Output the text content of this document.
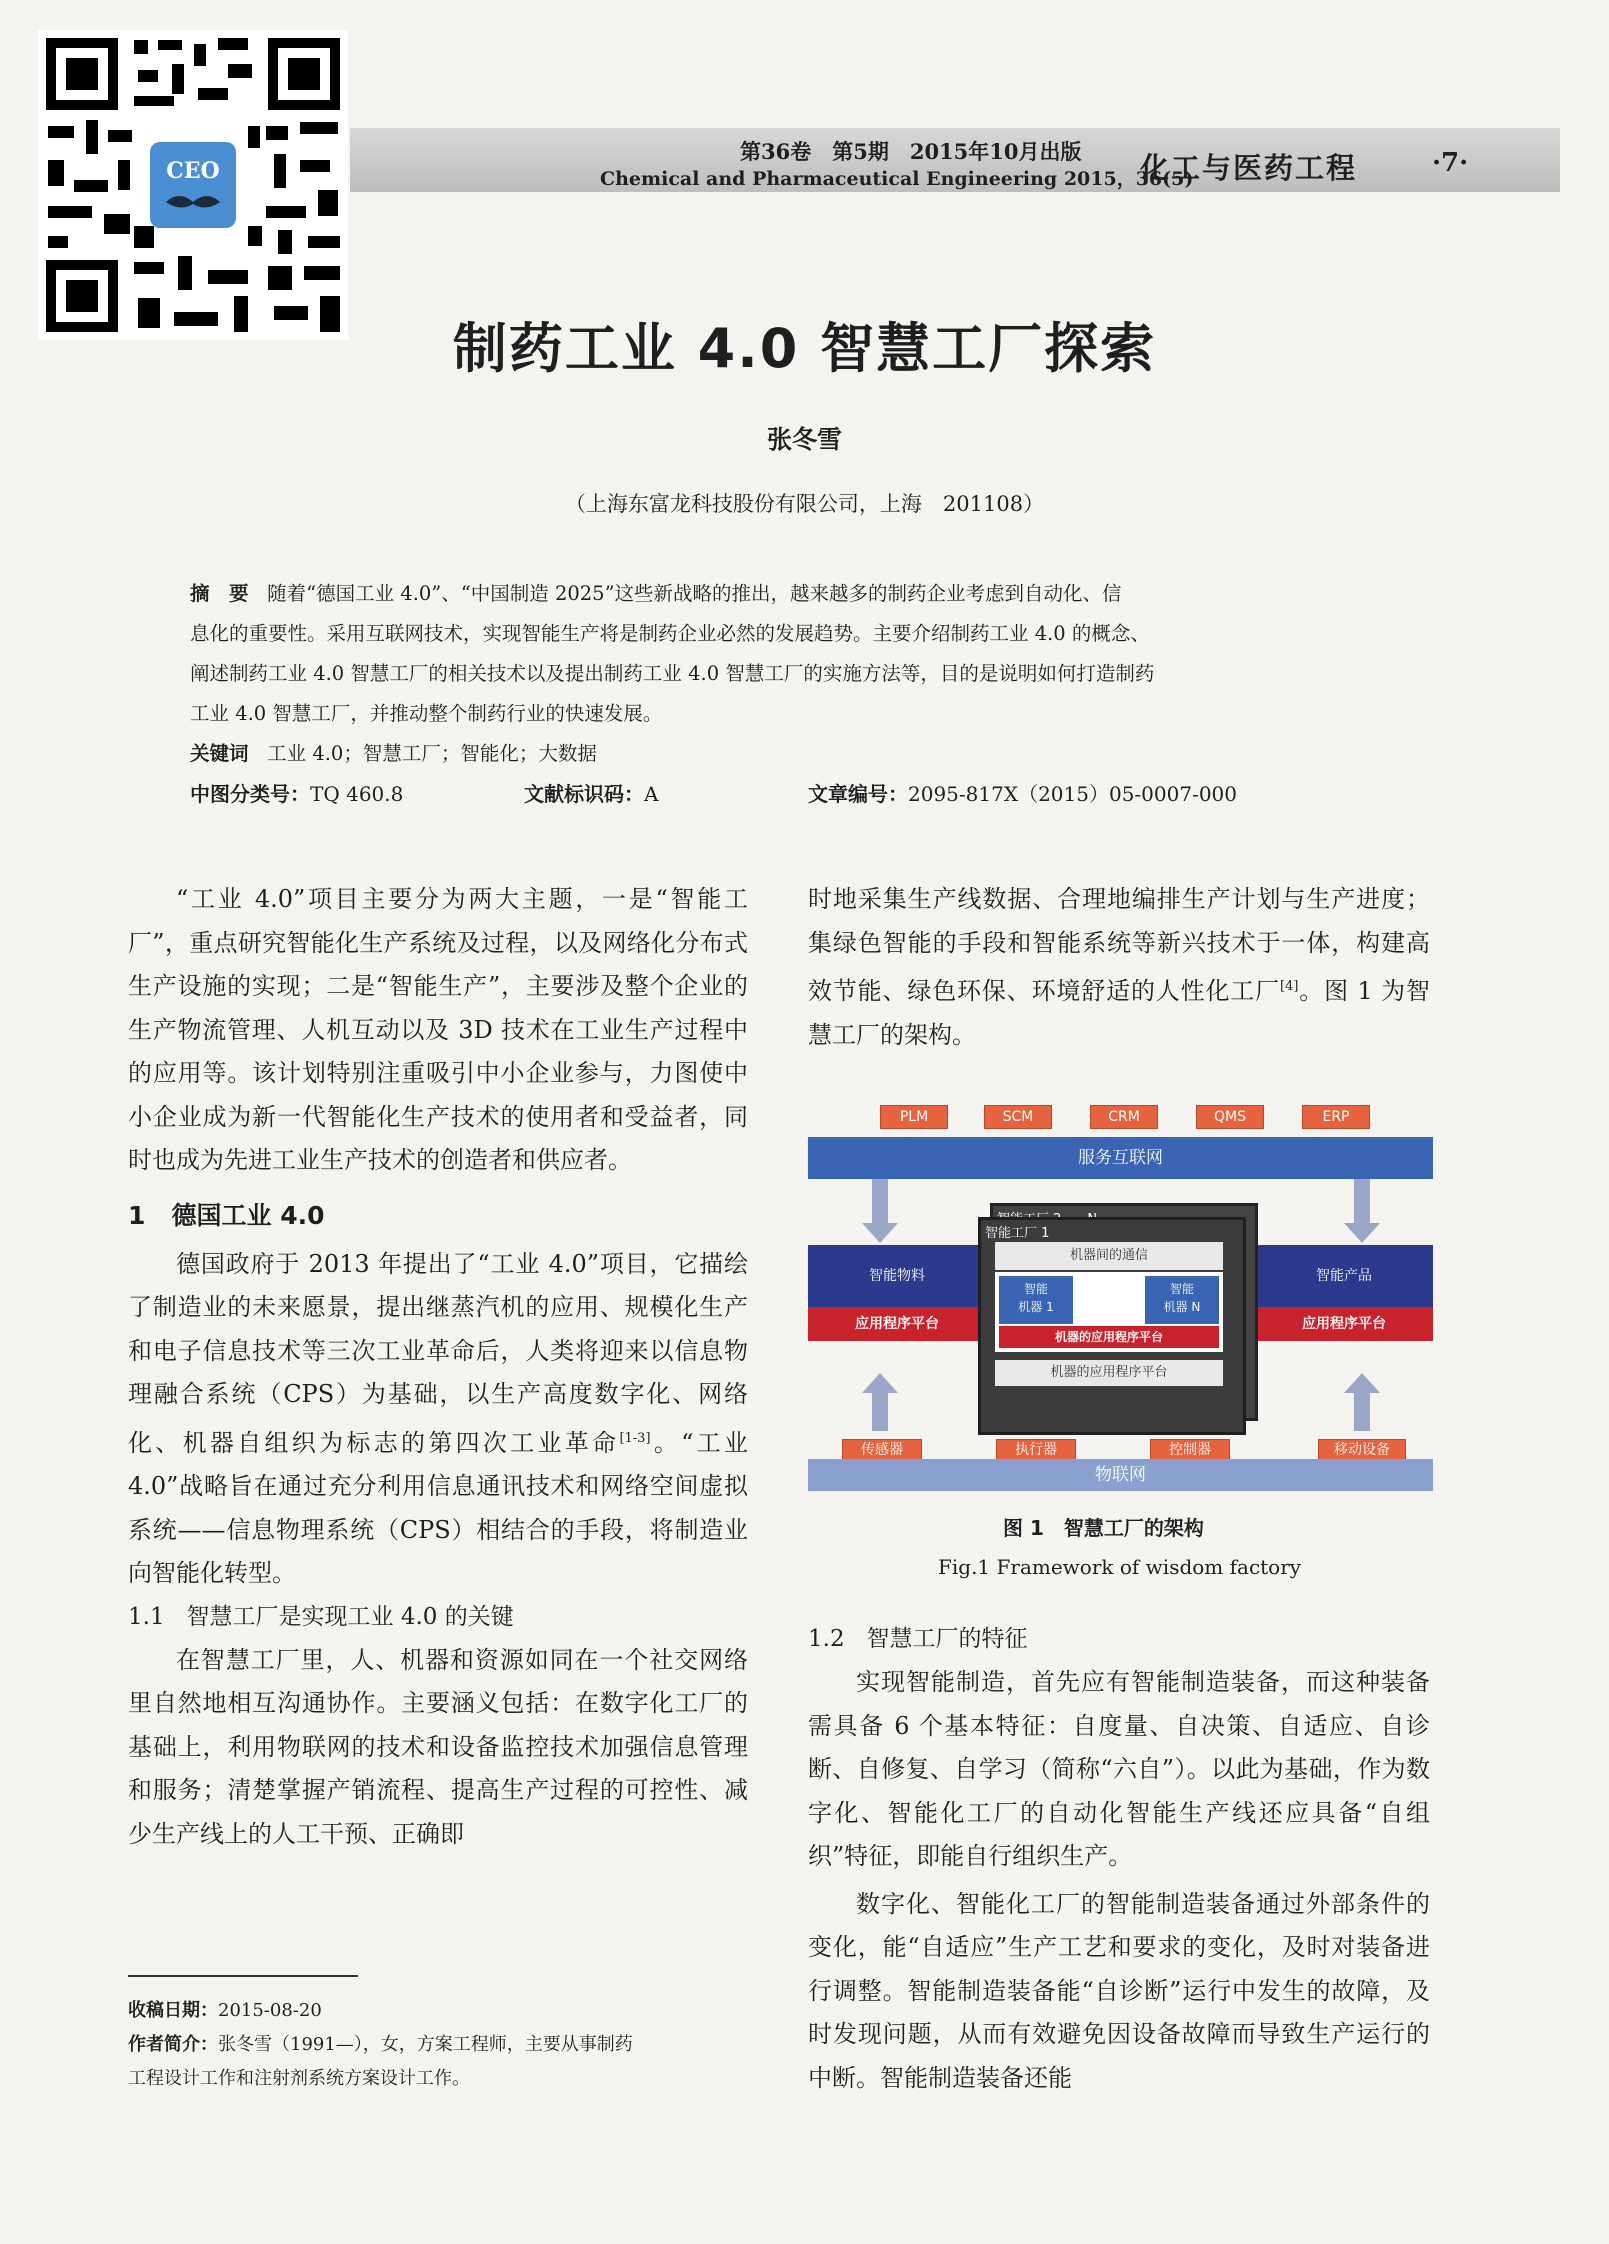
CEO
第36卷　第5期　2015年10月出版
Chemical and Pharmaceutical Engineering 2015，36(5)
化工与医药工程	·7·
制药工业 4.0 智慧工厂探索
张冬雪
（上海东富龙科技股份有限公司，上海　201108）
摘　要 随着“德国工业 4.0”、“中国制造 2025”这些新战略的推出，越来越多的制药企业考虑到自动化、信
息化的重要性。采用互联网技术，实现智能生产将是制药企业必然的发展趋势。主要介绍制药工业 4.0 的概念、
阐述制药工业 4.0 智慧工厂的相关技术以及提出制药工业 4.0 智慧工厂的实施方法等，目的是说明如何打造制药
工业 4.0 智慧工厂，并推动整个制药行业的快速发展。
关键词 工业 4.0；智慧工厂；智能化；大数据
中图分类号：TQ 460.8	文献标识码：A	文章编号：2095-817X（2015）05-0007-000

“工业 4.0”项目主要分为两大主题，一是“智能工厂”，重点研究智能化生产系统及过程，以及网络化分布式生产设施的实现；二是“智能生产”，主要涉及整个企业的生产物流管理、人机互动以及 3D 技术在工业生产过程中的应用等。该计划特别注重吸引中小企业参与，力图使中小企业成为新一代智能化生产技术的使用者和受益者，同时也成为先进工业生产技术的创造者和供应者。

1 德国工业 4.0

德国政府于 2013 年提出了“工业 4.0”项目，它描绘了制造业的未来愿景，提出继蒸汽机的应用、规模化生产和电子信息技术等三次工业革命后，人类将迎来以信息物理融合系统（CPS）为基础，以生产高度数字化、网络化、机器自组织为标志的第四次工业革命[1-3]。“工业 4.0”战略旨在通过充分利用信息通讯技术和网络空间虚拟系统——信息物理系统（CPS）相结合的手段，将制造业向智能化转型。

1.1 智慧工厂是实现工业 4.0 的关键

在智慧工厂里，人、机器和资源如同在一个社交网络里自然地相互沟通协作。主要涵义包括：在数字化工厂的基础上，利用物联网的技术和设备监控技术加强信息管理和服务；清楚掌握产销流程、提高生产过程的可控性、减少生产线上的人工干预、正确即

时地采集生产线数据、合理地编排生产计划与生产进度；集绿色智能的手段和智能系统等新兴技术于一体，构建高效节能、绿色环保、环境舒适的人性化工厂[4]。图 1 为智慧工厂的架构。

PLM	SCM	CRM	QMS	ERP
服务互联网
智能物料
应用程序平台
智能产品
应用程序平台
智能工厂 1
机器间的通信
智能
机器 1
智能
机器 N
机器的应用程序平台
机器的应用程序平台
传感器	执行器	控制器	移动设备
物联网
图 1　智慧工厂的架构
Fig.1 Framework of wisdom factory
1.2 智慧工厂的特征

实现智能制造，首先应有智能制造装备，而这种装备需具备 6 个基本特征：自度量、自决策、自适应、自诊断、自修复、自学习（简称“六自”）。以此为基础，作为数字化、智能化工厂的自动化智能生产线还应具备“自组织”特征，即能自行组织生产。

数字化、智能化工厂的智能制造装备通过外部条件的变化，能“自适应”生产工艺和要求的变化，及时对装备进行调整。智能制造装备能“自诊断”运行中发生的故障，及时发现问题，从而有效避免因设备故障而导致生产运行的中断。智能制造装备还能

收稿日期：2015-08-20
作者简介：张冬雪（1991—），女，方案工程师，主要从事制药
工程设计工作和注射剂系统方案设计工作。
